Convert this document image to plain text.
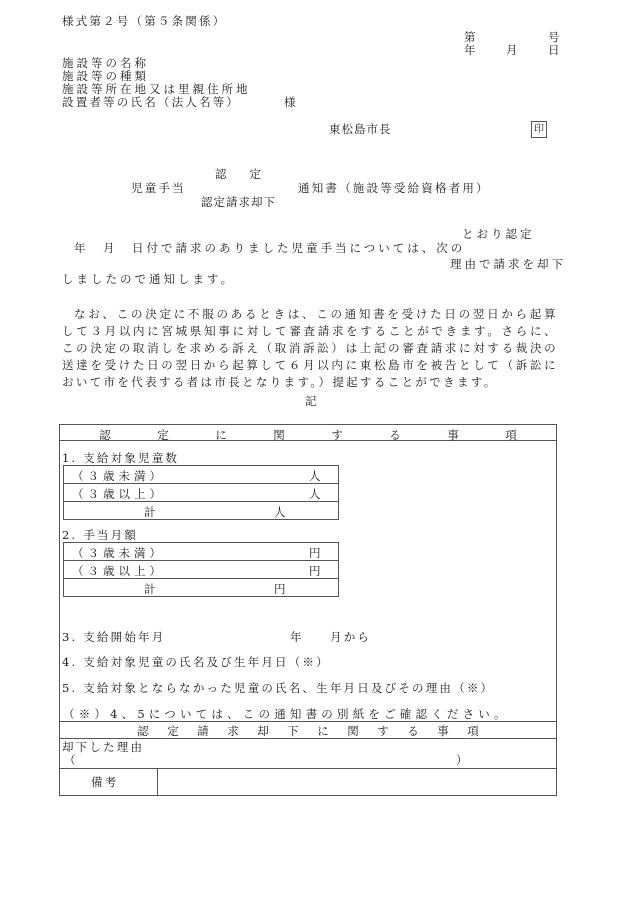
様式第２号（第５条関係）
第	号
年	月	日
施設等の名称
施設等の種類
施設等所在地又は里親住所地
設置者等の氏名（法人名等）	様
東松島市長	印
認　　定
児童手当	通知書（施設等受給資格者用）
認定請求却下
とおり認定
年　月　日付で請求のありました児童手当については、次の
理由で請求を却下
しましたので通知します。
なお、この決定に不服のあるときは、この通知書を受けた日の翌日から起算して３月以内に宮城県知事に対して審査請求をすることができます。さらに、この決定の取消しを求める訴え（取消訴訟）は上記の審査請求に対する裁決の送達を受けた日の翌日から起算して６月以内に東松島市を被告として（訴訟において市を代表する者は市長となります。）提起することができます。
記
認	定	に	関	す	る	事	項
1. 支給対象児童数
（３歳未満）	人
（３歳以上）	人
計	人
2. 手当月額
（３歳未満）	円
（３歳以上）	円
計	円
3. 支給開始年月	年 月から
4. 支給対象児童の氏名及び生年月日（※）
5. 支給対象とならなかった児童の氏名、生年月日及びその理由（※）
（※）4、5については、この通知書の別紙をご確認ください。
認 定 請 求 却 下 に 関 す る 事 項
却下した理由
（	）
備考
